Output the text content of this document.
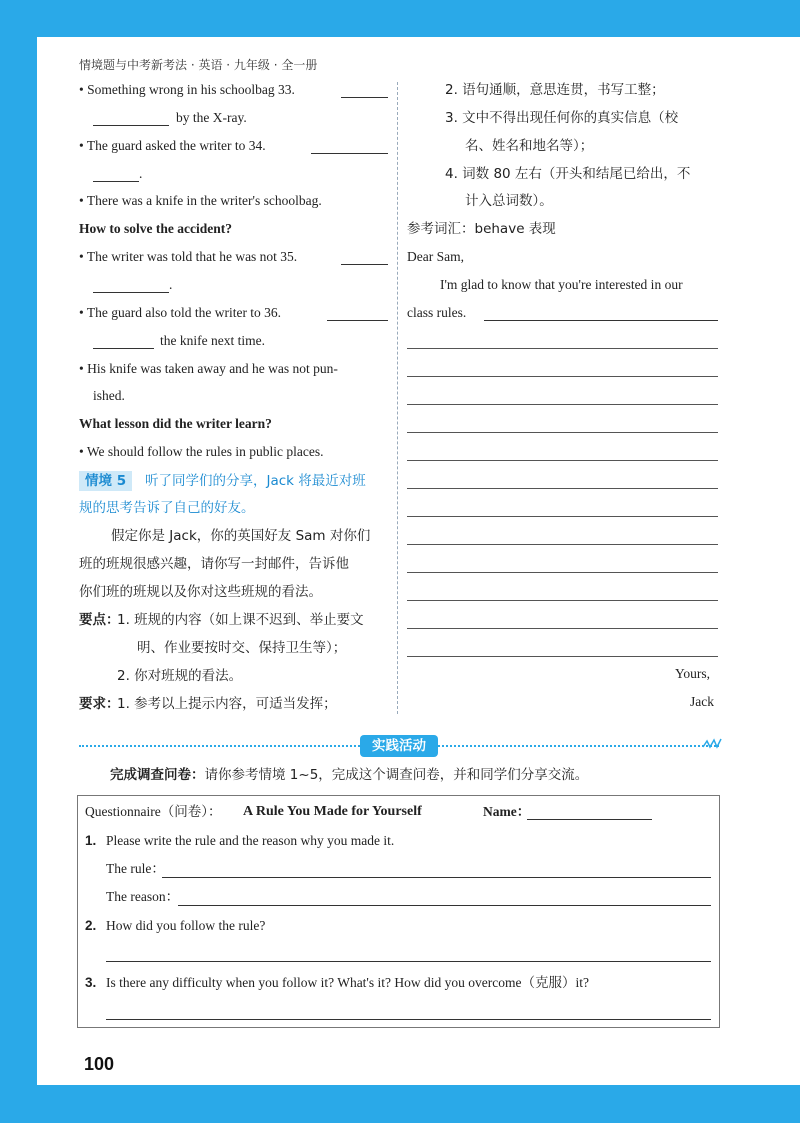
情境题与中考新考法 · 英语 · 九年级 · 全一册
• Something wrong in his schoolbag 33.
by the X-ray.
• The guard asked the writer to 34.
.
• There was a knife in the writer's schoolbag.
How to solve the accident?
• The writer was told that he was not 35.
.
• The guard also told the writer to 36.
the knife next time.
• His knife was taken away and he was not pun-
ished.
What lesson did the writer learn?
• We should follow the rules in public places.
情境 5	听了同学们的分享，Jack 将最近对班
规的思考告诉了自己的好友。
假定你是 Jack，你的英国好友 Sam 对你们
班的班规很感兴趣，请你写一封邮件，告诉他
你们班的班规以及你对这些班规的看法。
要点：
1. 班规的内容（如上课不迟到、举止要文
明、作业要按时交、保持卫生等）；
2. 你对班规的看法。
要求：
1. 参考以上提示内容，可适当发挥；
2. 语句通顺，意思连贯，书写工整；
3. 文中不得出现任何你的真实信息（校
名、姓名和地名等）；
4. 词数 80 左右（开头和结尾已给出，不
计入总词数）。
参考词汇：behave 表现
Dear Sam,
I'm glad to know that you're interested in our
class rules.
Yours,
Jack
实践活动
完成调查问卷：请你参考情境 1~5，完成这个调查问卷，并和同学们分享交流。
Questionnaire（问卷）： A Rule You Made for Yourself	Name：
1. Please write the rule and the reason why you made it.
The rule：
The reason：
2. How did you follow the rule?
3. Is there any difficulty when you follow it? What's it? How did you overcome（克服）it?
100
